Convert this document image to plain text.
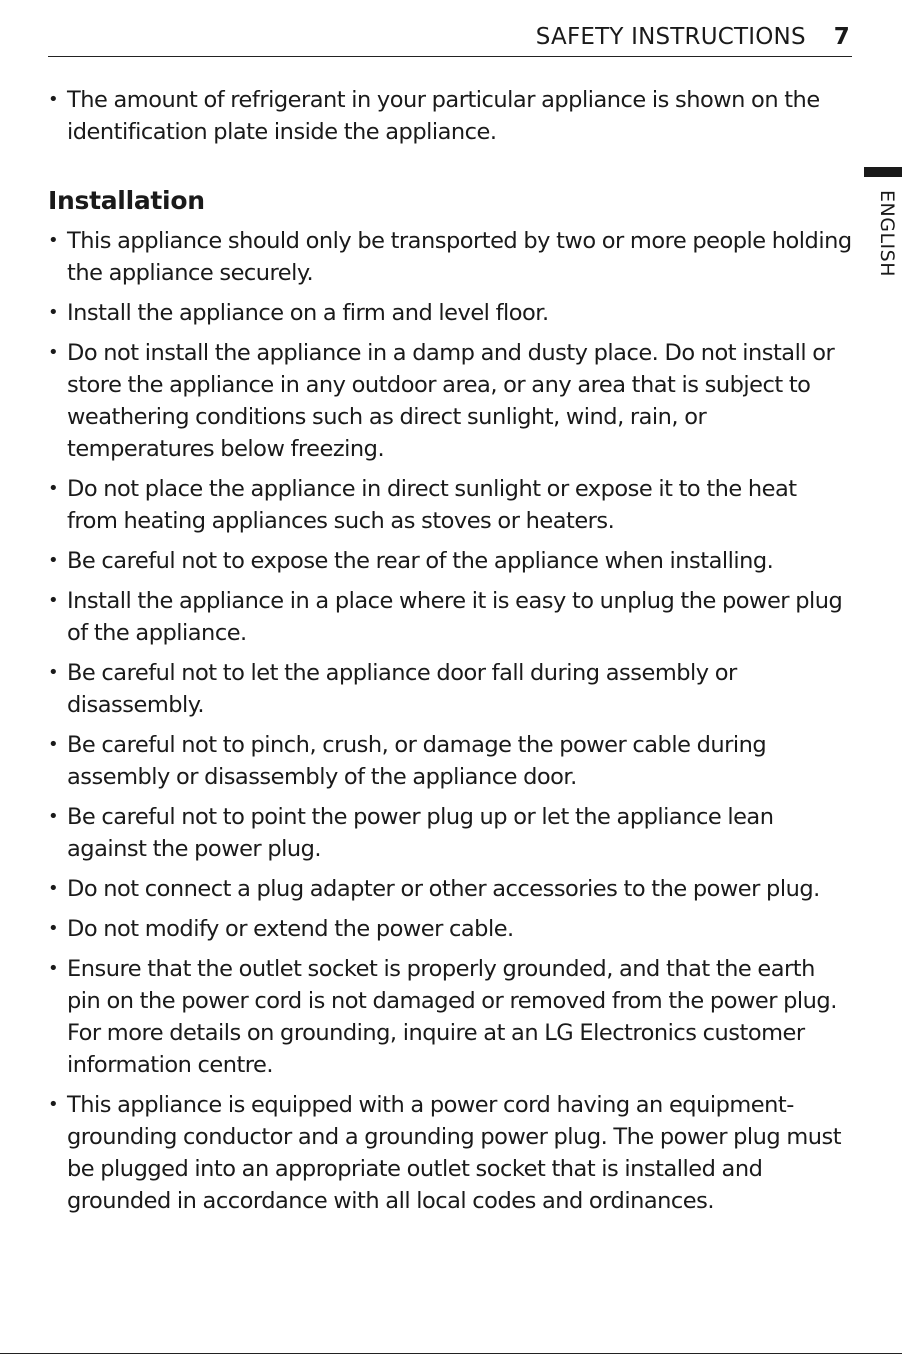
SAFETY INSTRUCTIONS 7
ENGLISH
• The amount of refrigerant in your particular appliance is shown on the identification plate inside the appliance.
Installation
• This appliance should only be transported by two or more people holding the appliance securely.
• Install the appliance on a firm and level floor.
• Do not install the appliance in a damp and dusty place. Do not install or store the appliance in any outdoor area, or any area that is subject to weathering conditions such as direct sunlight, wind, rain, or temperatures below freezing.
• Do not place the appliance in direct sunlight or expose it to the heat from heating appliances such as stoves or heaters.
• Be careful not to expose the rear of the appliance when installing.
• Install the appliance in a place where it is easy to unplug the power plug of the appliance.
• Be careful not to let the appliance door fall during assembly or disassembly.
• Be careful not to pinch, crush, or damage the power cable during assembly or disassembly of the appliance door.
• Be careful not to point the power plug up or let the appliance lean against the power plug.
• Do not connect a plug adapter or other accessories to the power plug.
• Do not modify or extend the power cable.
• Ensure that the outlet socket is properly grounded, and that the earth pin on the power cord is not damaged or removed from the power plug. For more details on grounding, inquire at an LG Electronics customer information centre.
• This appliance is equipped with a power cord having an equipment-grounding conductor and a grounding power plug. The power plug must be plugged into an appropriate outlet socket that is installed and grounded in accordance with all local codes and ordinances.
